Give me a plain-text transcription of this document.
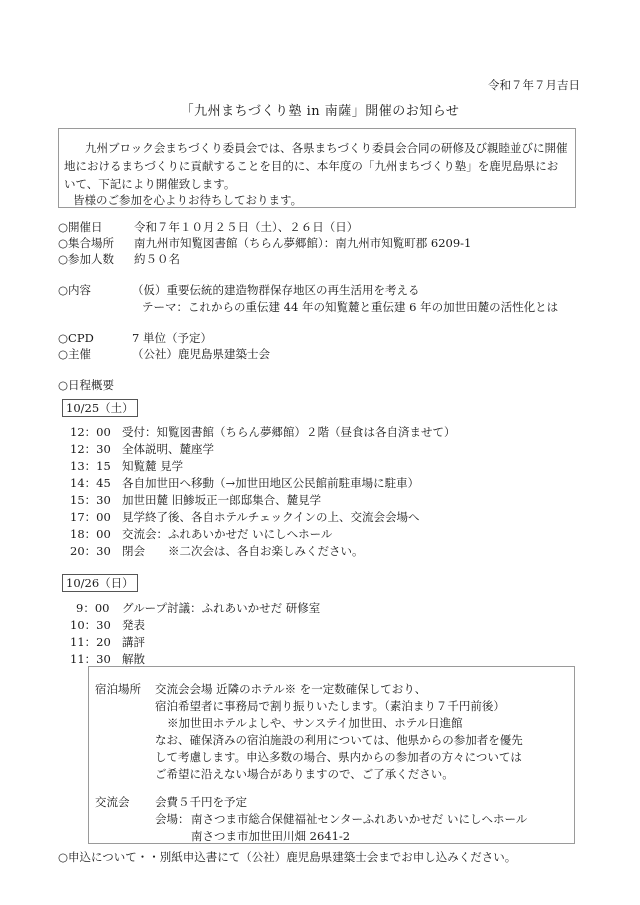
令和７年７月吉日
「九州まちづくり塾 in 南薩」開催のお知らせ
九州ブロック会まちづくり委員会では、各県まちづくり委員会合同の研修及び親睦並びに開催
地におけるまちづくりに貢献することを目的に、本年度の「九州まちづくり塾」を鹿児島県にお
いて、下記により開催致します。
皆様のご参加を心よりお待ちしております。
○開催日	令和７年１０月２５日（土）、２６日（日）
○集合場所 南九州市知覧図書館（ちらん夢郷館）：南九州市知覧町郡 6209-1
○参加人数 約５０名
○内容	（仮）重要伝統的建造物群保存地区の再生活用を考える
テーマ：これからの重伝建 44 年の知覧麓と重伝建 6 年の加世田麓の活性化とは
○CPD	7 単位（予定）
○主催	（公社）鹿児島県建築士会
○日程概要
10/25（土）
12：00 受付：知覧図書館（ちらん夢郷館）２階（昼食は各自済ませて）
12：30 全体説明、麓座学
13：15 知覧麓 見学
14：45 各自加世田へ移動（→加世田地区公民館前駐車場に駐車）
15：30 加世田麓 旧鯵坂正一郎邸集合、麓見学
17：00 見学終了後、各自ホテルチェックインの上、交流会会場へ
18：00 交流会：ふれあいかせだ いにしへホール
20：30 閉会　　※二次会は、各自お楽しみください。
10/26（日）
9：00 グループ討議：ふれあいかせだ 研修室
10：30 発表
11：20 講評
11：30 解散
宿泊場所 交流会会場 近隣のホテル※ を一定数確保しており、
宿泊希望者に事務局で割り振りいたします。（素泊まり７千円前後）
※加世田ホテルよしや、サンステイ加世田、ホテル日進館
なお、確保済みの宿泊施設の利用については、他県からの参加者を優先
して考慮します。申込多数の場合、県内からの参加者の方々については
ご希望に沿えない場合がありますので、ご了承ください。
交流会 会費５千円を予定
会場： 南さつま市総合保健福祉センターふれあいかせだ いにしへホール
南さつま市加世田川畑 2641-2
○申込について・・別紙申込書にて（公社）鹿児島県建築士会までお申し込みください。
